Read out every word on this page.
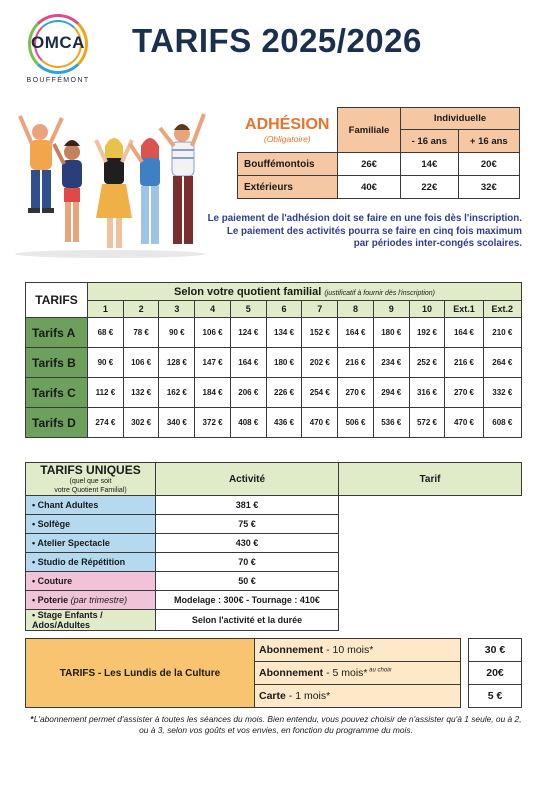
OMCA
BOUFFÉMONT
TARIFS 2025/2026
ADHÉSION
(Obligatoire)	Familiale	Individuelle	
		- 16 ans	+ 16 ans
Bouffémontois	26€	14€	20€
Extérieurs	40€	22€	32€
Le paiement de l'adhésion doit se faire en une fois dès l'inscription.
Le paiement des activités pourra se faire en cinq fois maximum
par périodes inter-congés scolaires.
TARIFS	Selon votre quotient familial (justificatif à fournir dès l'inscription)											
	1	2	3	4	5	6	7	8	9	10	Ext.1	Ext.2
Tarifs A	68 €	78 €	90 €	106 €	124 €	134 €	152 €	164 €	180 €	192 €	164 €	210 €
Tarifs B	90 €	106 €	128 €	147 €	164 €	180 €	202 €	216 €	234 €	252 €	216 €	264 €
Tarifs C	112 €	132 €	162 €	184 €	206 €	226 €	254 €	270 €	294 €	316 €	270 €	332 €
Tarifs D	274 €	302 €	340 €	372 €	408 €	436 €	470 €	506 €	536 €	572 €	470 €	608 €
TARIFS UNIQUES
(quel que soit
votre Quotient Familial)	Activité	Tarif
• Chant Adultes	381 €	
• Solfège	75 €	
• Atelier Spectacle	430 €	
• Studio de Répétition	70 €	
• Couture	50 €	
• Poterie (par trimestre)	Modelage : 300€ - Tournage : 410€	
• Stage Enfants / Ados/Adultes	Selon l'activité et la durée	
TARIFS - Les Lundis de la Culture	Abonnement - 10 mois*		30 €
	Abonnement - 5 mois* $^{au choix}$		20€
	Carte - 1 mois*		5 €
*L'abonnement permet d'assister à toutes les séances du mois. Bien entendu, vous pouvez choisir de n'assister qu'à 1 seule, ou à 2, ou à 3, selon vos goûts et vos envies, en fonction du programme du mois.
